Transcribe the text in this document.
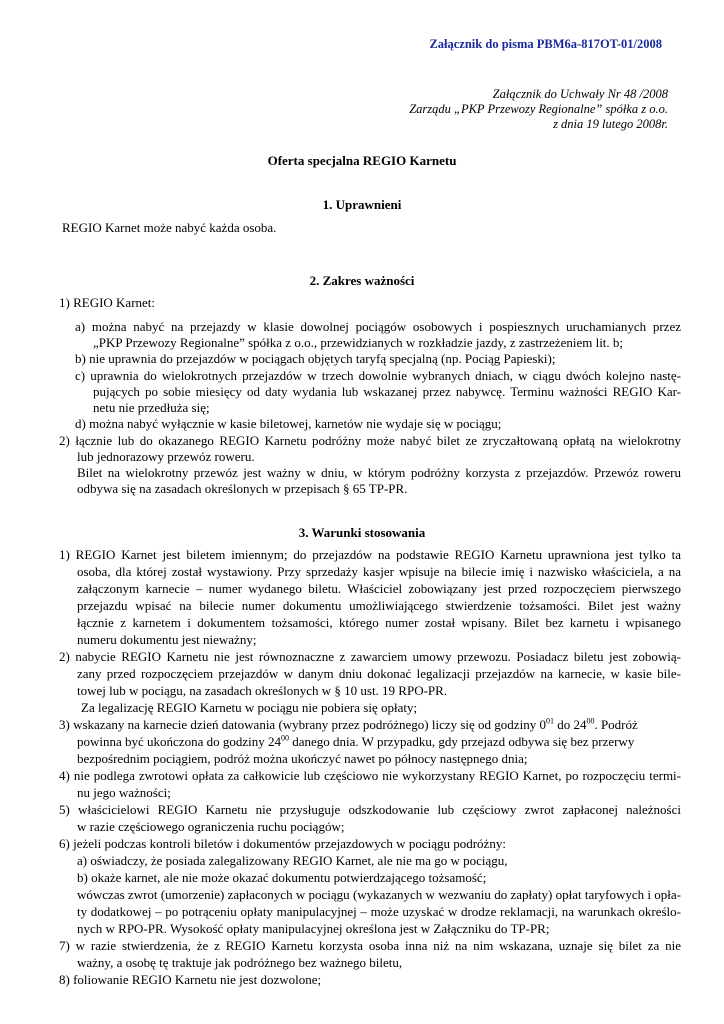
Załącznik do pisma PBM6a-817OT-01/2008
Załącznik do Uchwały Nr 48 /2008
Zarządu „PKP Przewozy Regionalne” spółka z o.o.
z dnia 19 lutego 2008r.
Oferta specjalna REGIO Karnetu
1. Uprawnieni
REGIO Karnet może nabyć każda osoba.
2. Zakres ważności
1) REGIO Karnet:
a) można nabyć na przejazdy w klasie dowolnej pociągów osobowych i pospiesznych uruchamianych przez
„PKP Przewozy Regionalne” spółka z o.o., przewidzianych w rozkładzie jazdy, z zastrzeżeniem lit. b;
b) nie uprawnia do przejazdów w pociągach objętych taryfą specjalną (np. Pociąg Papieski);
c) uprawnia do wielokrotnych przejazdów w trzech dowolnie wybranych dniach, w ciągu dwóch kolejno nastę-
pujących po sobie miesięcy od daty wydania lub wskazanej przez nabywcę. Terminu ważności REGIO Kar-
netu nie przedłuża się;
d) można nabyć wyłącznie w kasie biletowej, karnetów nie wydaje się w pociągu;
2) łącznie lub do okazanego REGIO Karnetu podróżny może nabyć bilet ze zryczałtowaną opłatą na wielokrotny
lub jednorazowy przewóz roweru.
Bilet na wielokrotny przewóz jest ważny w dniu, w którym podróżny korzysta z przejazdów. Przewóz roweru
odbywa się na zasadach określonych w przepisach § 65 TP-PR.
3. Warunki stosowania
1) REGIO Karnet jest biletem imiennym; do przejazdów na podstawie REGIO Karnetu uprawniona jest tylko ta
osoba, dla której został wystawiony. Przy sprzedaży kasjer wpisuje na bilecie imię i nazwisko właściciela, a na
załączonym karnecie – numer wydanego biletu. Właściciel zobowiązany jest przed rozpoczęciem pierwszego
przejazdu wpisać na bilecie numer dokumentu umożliwiającego stwierdzenie tożsamości. Bilet jest ważny
łącznie z karnetem i dokumentem tożsamości, którego numer został wpisany. Bilet bez karnetu i wpisanego
numeru dokumentu jest nieważny;
2) nabycie REGIO Karnetu nie jest równoznaczne z zawarciem umowy przewozu. Posiadacz biletu jest zobowią-
zany przed rozpoczęciem przejazdów w danym dniu dokonać legalizacji przejazdów na karnecie, w kasie bile-
towej lub w pociągu, na zasadach określonych w § 10 ust. 19 RPO-PR.
Za legalizację REGIO Karnetu w pociągu nie pobiera się opłaty;
3) wskazany na karnecie dzień datowania (wybrany przez podróżnego) liczy się od godziny $0^{01}$ do $24^{00}$. Podróż
powinna być ukończona do godziny $24^{00}$ danego dnia. W przypadku, gdy przejazd odbywa się bez przerwy
bezpośrednim pociągiem, podróż można ukończyć nawet po północy następnego dnia;
4) nie podlega zwrotowi opłata za całkowicie lub częściowo nie wykorzystany REGIO Karnet, po rozpoczęciu termi-
nu jego ważności;
5) właścicielowi REGIO Karnetu nie przysługuje odszkodowanie lub częściowy zwrot zapłaconej należności
w razie częściowego ograniczenia ruchu pociągów;
6) jeżeli podczas kontroli biletów i dokumentów przejazdowych w pociągu podróżny:
a) oświadczy, że posiada zalegalizowany REGIO Karnet, ale nie ma go w pociągu,
b) okaże karnet, ale nie może okazać dokumentu potwierdzającego tożsamość;
wówczas zwrot (umorzenie) zapłaconych w pociągu (wykazanych w wezwaniu do zapłaty) opłat taryfowych i opła-
ty dodatkowej – po potrąceniu opłaty manipulacyjnej – może uzyskać w drodze reklamacji, na warunkach określo-
nych w RPO-PR. Wysokość opłaty manipulacyjnej określona jest w Załączniku do TP-PR;
7) w razie stwierdzenia, że z REGIO Karnetu korzysta osoba inna niż na nim wskazana, uznaje się bilet za nie
ważny, a osobę tę traktuje jak podróżnego bez ważnego biletu,
8) foliowanie REGIO Karnetu nie jest dozwolone;
